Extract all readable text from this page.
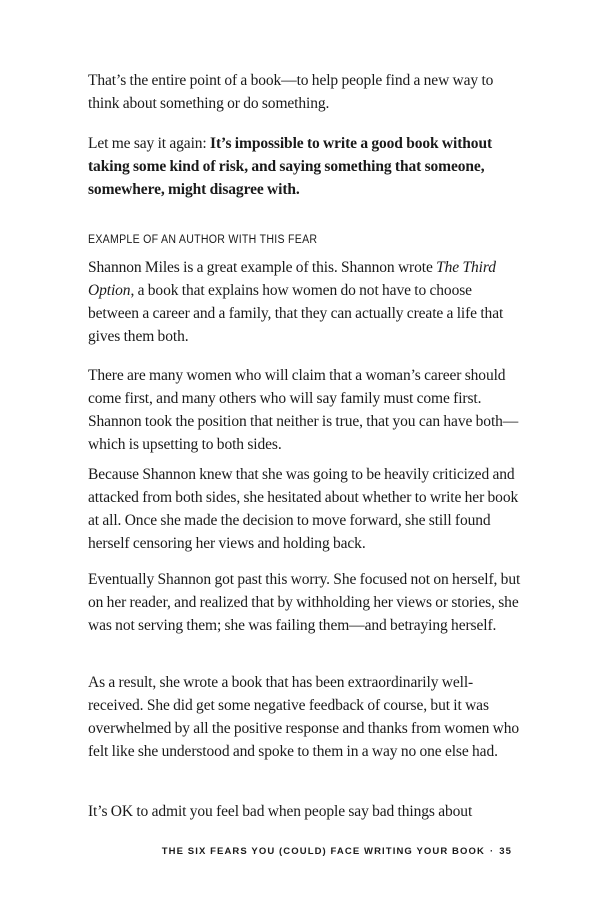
That’s the entire point of a book—to help people find a new way to think about something or do something.

Let me say it again: It’s impossible to write a good book without taking some kind of risk, and saying something that someone, somewhere, might disagree with.

EXAMPLE OF AN AUTHOR WITH THIS FEAR

Shannon Miles is a great example of this. Shannon wrote The Third Option, a book that explains how women do not have to choose between a career and a family, that they can actually create a life that gives them both.

There are many women who will claim that a woman’s career should come first, and many others who will say family must come first. Shannon took the position that neither is true, that you can have both—which is upsetting to both sides.

Because Shannon knew that she was going to be heavily criticized and attacked from both sides, she hesitated about whether to write her book at all. Once she made the decision to move forward, she still found herself censoring her views and holding back.

Eventually Shannon got past this worry. She focused not on herself, but on her reader, and realized that by withholding her views or stories, she was not serving them; she was failing them—and betraying herself.

As a result, she wrote a book that has been extraordinarily well-received. She did get some negative feedback of course, but it was overwhelmed by all the positive response and thanks from women who felt like she understood and spoke to them in a way no one else had.

It’s OK to admit you feel bad when people say bad things about

THE SIX FEARS YOU (COULD) FACE WRITING YOUR BOOK · 35
